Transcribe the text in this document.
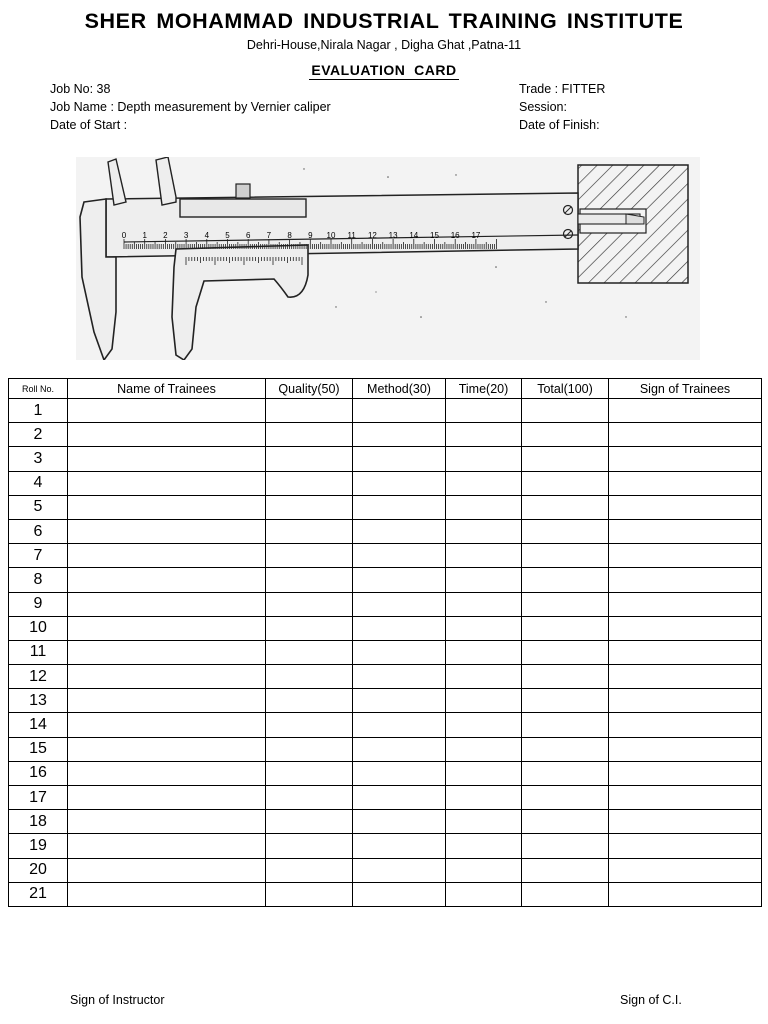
SHER MOHAMMAD INDUSTRIAL TRAINING INSTITUTE
Dehri-House,Nirala Nagar , Digha Ghat ,Patna-11
EVALUATION  CARD
Job No: 38
Job Name : Depth measurement by Vernier caliper
Date of Start :
Trade : FITTER
Session:
Date of Finish:
0 1 2 3 4 5 6 7 8 9 10 11 12 13 14 15 16 17
Roll No.	Name of Trainees	Quality(50)	Method(30)	Time(20)	Total(100)	Sign of Trainees
1						
2						
3						
4						
5						
6						
7						
8						
9						
10						
11						
12						
13						
14						
15						
16						
17						
18						
19						
20						
21						
Sign of Instructor	Sign of C.I.
